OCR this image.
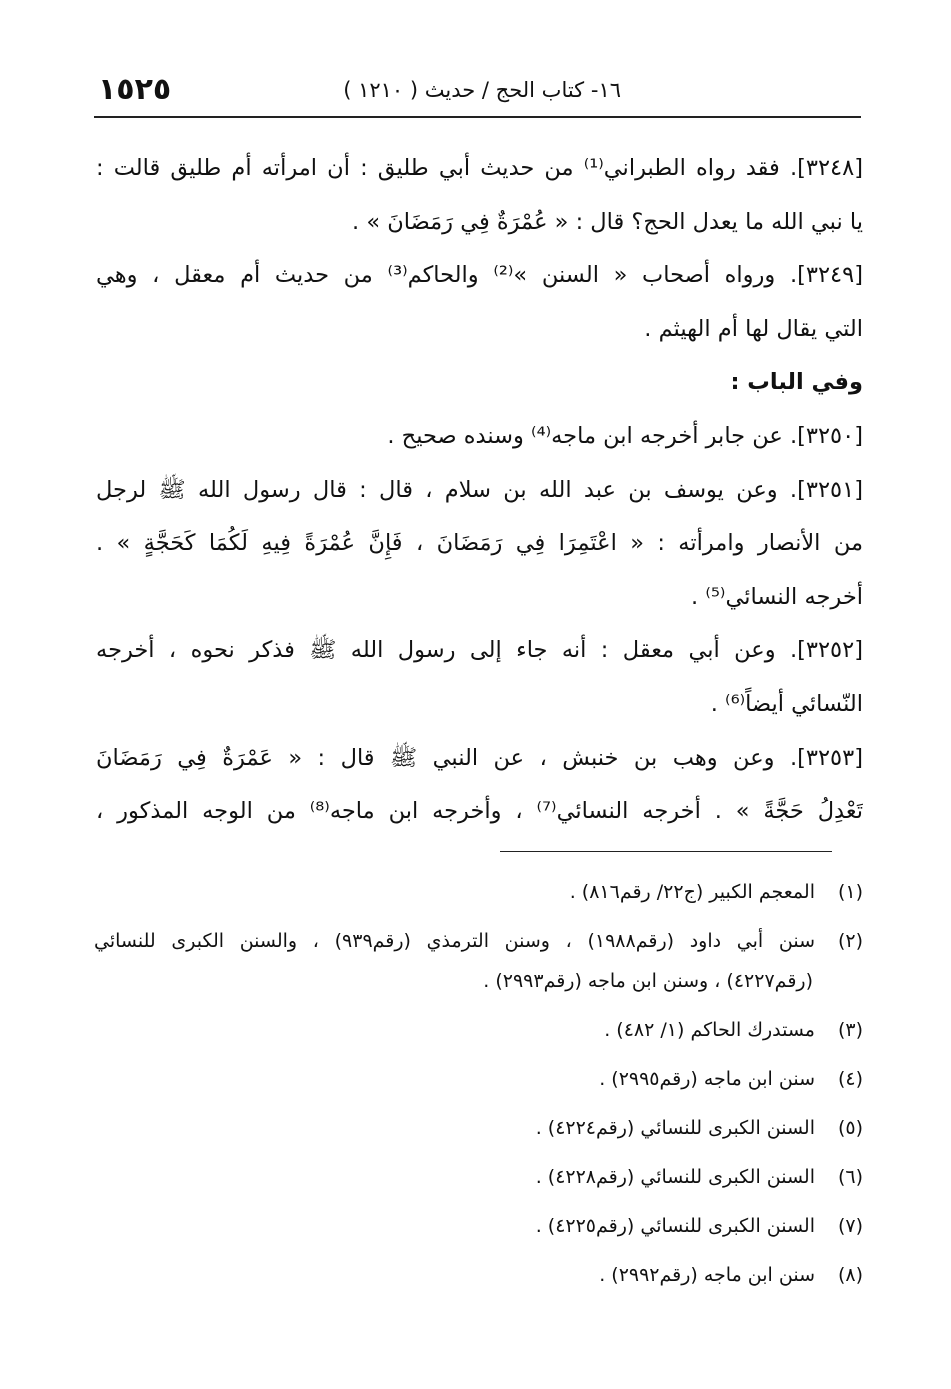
١٦- كتاب الحج / حديث ( ١٢١٠ )
١٥٢٥
[٣٢٤٨]. فقد رواه الطبراني⁽¹⁾ من حديث أبي طليق : أن امرأته أم طليق قالت :
يا نبي الله ما يعدل الحج؟ قال : « عُمْرَةٌ فِي رَمَضَانَ » .
[٣٢٤٩]. ورواه أصحاب « السنن »⁽²⁾ والحاكم⁽³⁾ من حديث أم معقل ، وهي
التي يقال لها أم الهيثم .
وفي الباب :
[٣٢٥٠]. عن جابر أخرجه ابن ماجه⁽⁴⁾ وسنده صحيح .
[٣٢٥١]. وعن يوسف بن عبد الله بن سلام ، قال : قال رسول الله ﷺ لرجل
من الأنصار وامرأته : « اعْتَمِرَا فِي رَمَضَانَ ، فَإِنَّ عُمْرَةً فِيهِ لَكُمَا كَحَجَّةٍ » .
أخرجه النسائي⁽⁵⁾ .
[٣٢٥٢]. وعن أبي معقل : أنه جاء إلى رسول الله ﷺ فذكر نحوه ، أخرجه
النّسائي أيضاً⁽⁶⁾ .
[٣٢٥٣]. وعن وهب بن خنبش ، عن النبي ﷺ قال : « عَمْرَةٌ فِي رَمَضَانَ
تَعْدِلُ حَجَّةً » . أخرجه النسائي⁽⁷⁾ ، وأخرجه ابن ماجه⁽⁸⁾ من الوجه المذكور ،
(١)المعجم الكبير (ج٢٢/ رقم٨١٦) .
(٢)سنن أبي داود (رقم١٩٨٨) ، وسنن الترمذي (رقم٩٣٩) ، والسنن الكبرى للنسائي
(رقم٤٢٢٧) ، وسنن ابن ماجه (رقم٢٩٩٣) .
(٣)مستدرك الحاكم (١/ ٤٨٢) .
(٤)سنن ابن ماجه (رقم٢٩٩٥) .
(٥)السنن الكبرى للنسائي (رقم٤٢٢٤) .
(٦)السنن الكبرى للنسائي (رقم٤٢٢٨) .
(٧)السنن الكبرى للنسائي (رقم٤٢٢٥) .
(٨)سنن ابن ماجه (رقم٢٩٩٢) .
